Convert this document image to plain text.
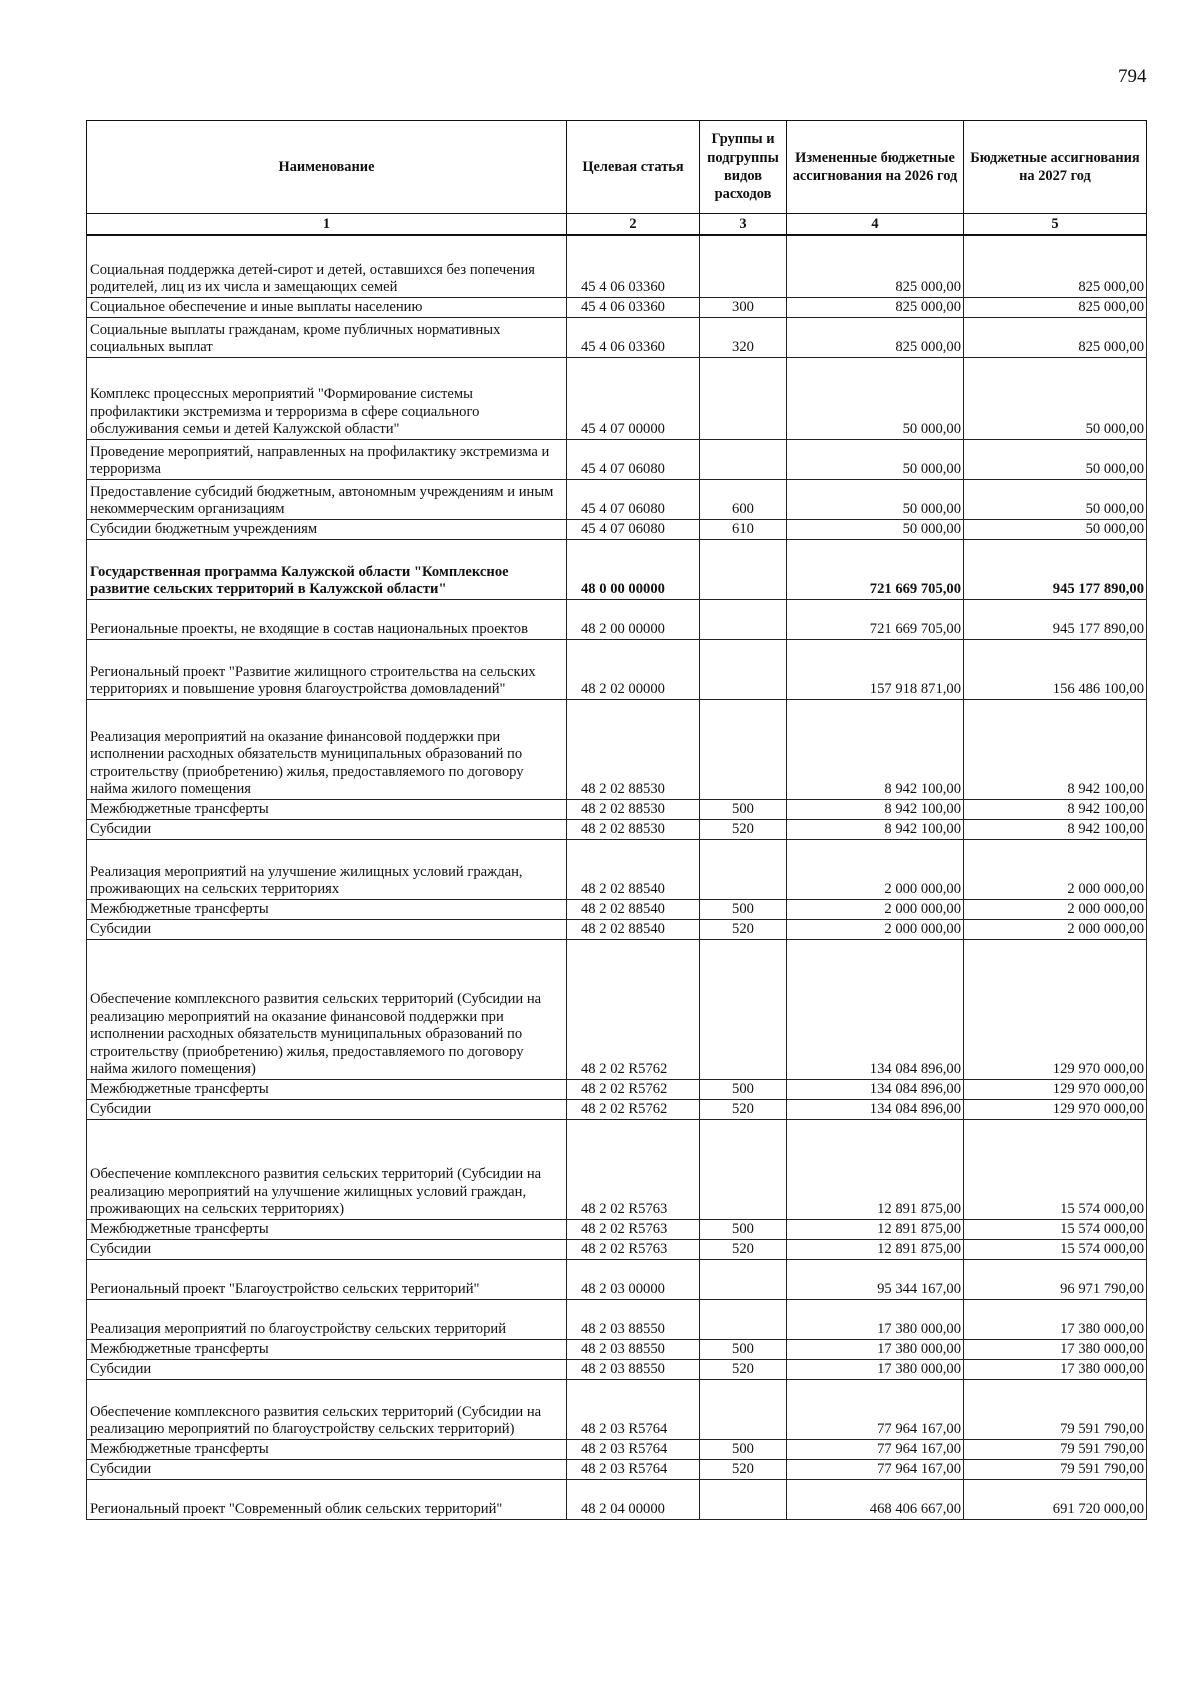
794
Наименование	Целевая статья	Группы и подгруппы видов расходов	Измененные бюджетные ассигнования на 2026 год	Бюджетные ассигнования на 2027 год
1	2	3	4	5
Социальная поддержка детей-сирот и детей, оставшихся без попечения родителей, лиц из их числа и замещающих семей	45 4 06 03360		825 000,00	825 000,00
Социальное обеспечение и иные выплаты населению	45 4 06 03360	300	825 000,00	825 000,00
Социальные выплаты гражданам, кроме публичных нормативных социальных выплат	45 4 06 03360	320	825 000,00	825 000,00
Комплекс процессных мероприятий "Формирование системы профилактики экстремизма и терроризма в сфере социального обслуживания семьи и детей Калужской области"	45 4 07 00000		50 000,00	50 000,00
Проведение мероприятий, направленных на профилактику экстремизма и терроризма	45 4 07 06080		50 000,00	50 000,00
Предоставление субсидий бюджетным, автономным учреждениям и иным некоммерческим организациям	45 4 07 06080	600	50 000,00	50 000,00
Субсидии бюджетным учреждениям	45 4 07 06080	610	50 000,00	50 000,00
Государственная программа Калужской области "Комплексное развитие сельских территорий в Калужской области"	48 0 00 00000		721 669 705,00	945 177 890,00
Региональные проекты, не входящие в состав национальных проектов	48 2 00 00000		721 669 705,00	945 177 890,00
Региональный проект "Развитие жилищного строительства на сельских территориях и повышение уровня благоустройства домовладений"	48 2 02 00000		157 918 871,00	156 486 100,00
Реализация мероприятий на оказание финансовой поддержки при исполнении расходных обязательств муниципальных образований по строительству (приобретению) жилья, предоставляемого по договору найма жилого помещения	48 2 02 88530		8 942 100,00	8 942 100,00
Межбюджетные трансферты	48 2 02 88530	500	8 942 100,00	8 942 100,00
Субсидии	48 2 02 88530	520	8 942 100,00	8 942 100,00
Реализация мероприятий на улучшение жилищных условий граждан, проживающих на сельских территориях	48 2 02 88540		2 000 000,00	2 000 000,00
Межбюджетные трансферты	48 2 02 88540	500	2 000 000,00	2 000 000,00
Субсидии	48 2 02 88540	520	2 000 000,00	2 000 000,00
Обеспечение комплексного развития сельских территорий (Субсидии на реализацию мероприятий на оказание финансовой поддержки при исполнении расходных обязательств муниципальных образований по строительству (приобретению) жилья, предоставляемого по договору найма жилого помещения)	48 2 02 R5762		134 084 896,00	129 970 000,00
Межбюджетные трансферты	48 2 02 R5762	500	134 084 896,00	129 970 000,00
Субсидии	48 2 02 R5762	520	134 084 896,00	129 970 000,00
Обеспечение комплексного развития сельских территорий (Субсидии на реализацию мероприятий на улучшение жилищных условий граждан, проживающих на сельских территориях)	48 2 02 R5763		12 891 875,00	15 574 000,00
Межбюджетные трансферты	48 2 02 R5763	500	12 891 875,00	15 574 000,00
Субсидии	48 2 02 R5763	520	12 891 875,00	15 574 000,00
Региональный проект "Благоустройство сельских территорий"	48 2 03 00000		95 344 167,00	96 971 790,00
Реализация мероприятий по благоустройству сельских территорий	48 2 03 88550		17 380 000,00	17 380 000,00
Межбюджетные трансферты	48 2 03 88550	500	17 380 000,00	17 380 000,00
Субсидии	48 2 03 88550	520	17 380 000,00	17 380 000,00
Обеспечение комплексного развития сельских территорий (Субсидии на реализацию мероприятий по благоустройству сельских территорий)	48 2 03 R5764		77 964 167,00	79 591 790,00
Межбюджетные трансферты	48 2 03 R5764	500	77 964 167,00	79 591 790,00
Субсидии	48 2 03 R5764	520	77 964 167,00	79 591 790,00
Региональный проект "Современный облик сельских территорий"	48 2 04 00000		468 406 667,00	691 720 000,00
